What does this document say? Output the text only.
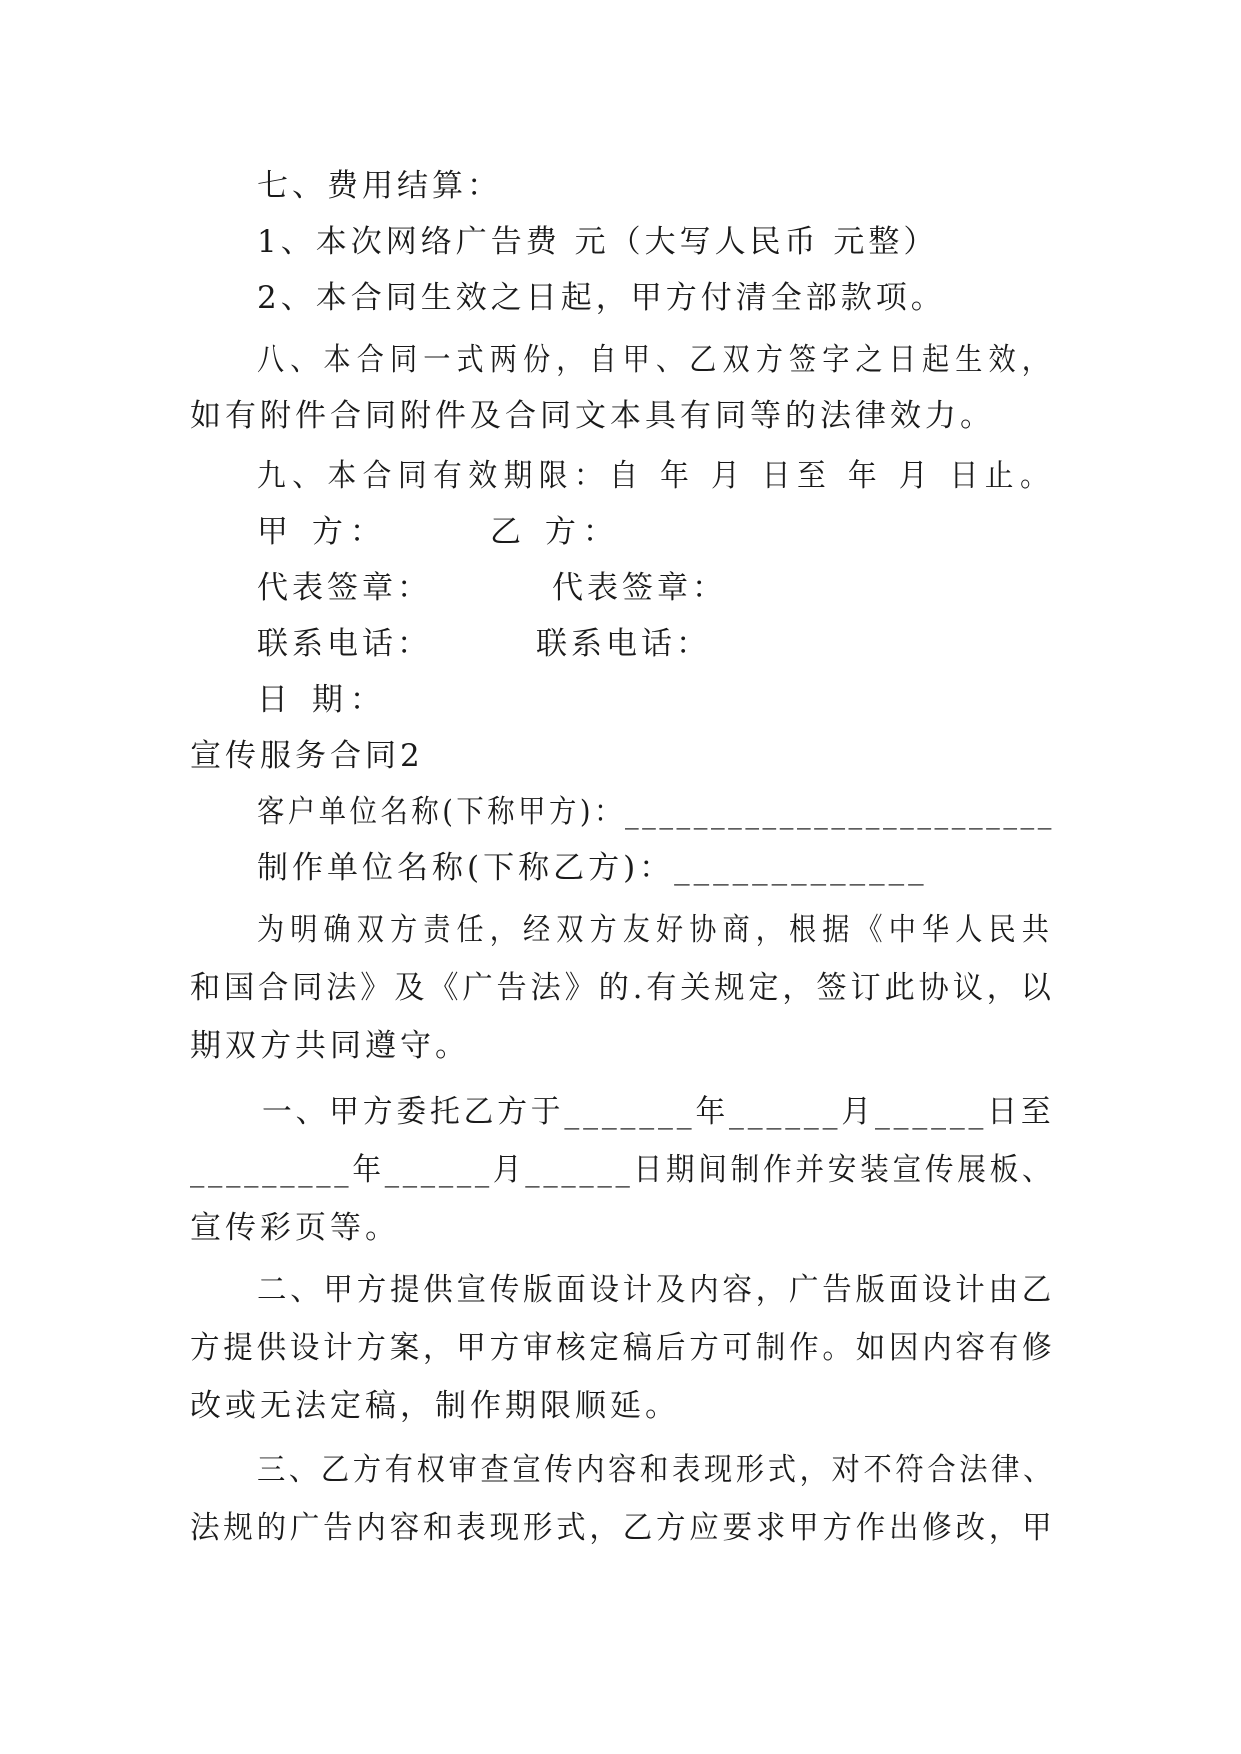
七、费用结算：
1、本次网络广告费 元（大写人民币 元整）
2、本合同生效之日起，甲方付清全部款项。
八、本合同一式两份，自甲、乙双方签字之日起生效，
如有附件合同附件及合同文本具有同等的法律效力。
九、本合同有效期限：自 年 月 日至 年 月 日止。
甲 方：	乙 方：
代表签章：	代表签章：
联系电话：	联系电话：
日 期：
宣传服务合同2
客户单位名称(下称甲方)：_________________________
制作单位名称(下称乙方)：_____________
为明确双方责任，经双方友好协商，根据《中华人民共
和国合同法》及《广告法》的.有关规定，签订此协议，以
期双方共同遵守。
一、甲方委托乙方于_______年______月______日至
_________年______月______日期间制作并安装宣传展板、
宣传彩页等。
二、甲方提供宣传版面设计及内容，广告版面设计由乙
方提供设计方案，甲方审核定稿后方可制作。如因内容有修
改或无法定稿，制作期限顺延。
三、乙方有权审查宣传内容和表现形式，对不符合法律、
法规的广告内容和表现形式，乙方应要求甲方作出修改，甲
